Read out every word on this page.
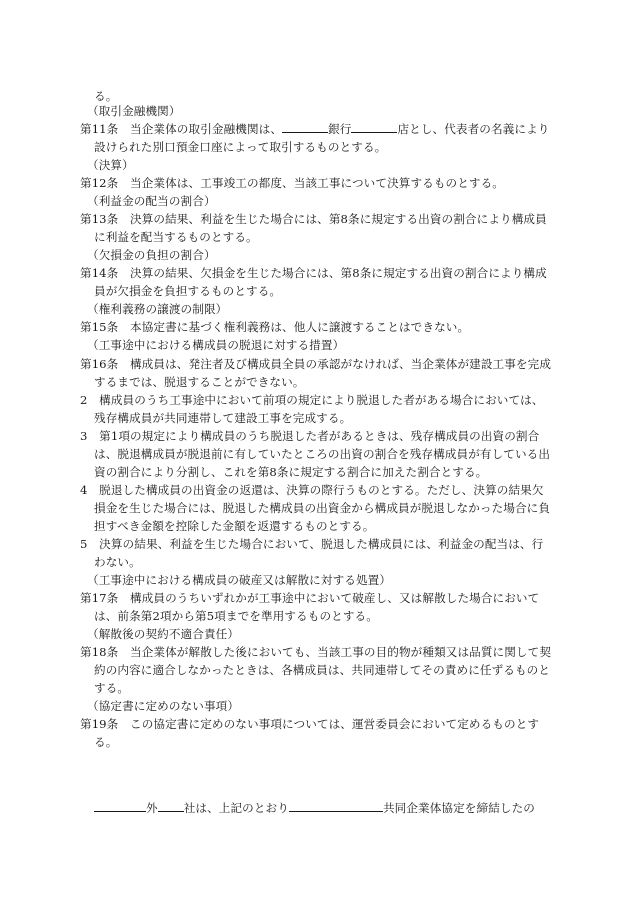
る。
（取引金融機関）
第11条　当企業体の取引金融機関は、	銀行	店とし、代表者の名義により
設けられた別口預金口座によって取引するものとする。
（決算）
第12条　当企業体は、工事竣工の都度、当該工事について決算するものとする。
（利益金の配当の割合）
第13条　決算の結果、利益を生じた場合には、第8条に規定する出資の割合により構成員
に利益を配当するものとする。
（欠損金の負担の割合）
第14条　決算の結果、欠損金を生じた場合には、第8条に規定する出資の割合により構成
員が欠損金を負担するものとする。
（権利義務の譲渡の制限）
第15条　本協定書に基づく権利義務は、他人に譲渡することはできない。
（工事途中における構成員の脱退に対する措置）
第16条　構成員は、発注者及び構成員全員の承認がなければ、当企業体が建設工事を完成
するまでは、脱退することができない。
2　構成員のうち工事途中において前項の規定により脱退した者がある場合においては、
残存構成員が共同連帯して建設工事を完成する。
3　第1項の規定により構成員のうち脱退した者があるときは、残存構成員の出資の割合
は、脱退構成員が脱退前に有していたところの出資の割合を残存構成員が有している出
資の割合により分割し、これを第8条に規定する割合に加えた割合とする。
4　脱退した構成員の出資金の返還は、決算の際行うものとする。ただし、決算の結果欠
損金を生じた場合には、脱退した構成員の出資金から構成員が脱退しなかった場合に負
担すべき金額を控除した金額を返還するものとする。
5　決算の結果、利益を生じた場合において、脱退した構成員には、利益金の配当は、行
わない。
（工事途中における構成員の破産又は解散に対する処置）
第17条　構成員のうちいずれかが工事途中において破産し、又は解散した場合において
は、前条第2項から第5項までを準用するものとする。
（解散後の契約不適合責任）
第18条　当企業体が解散した後においても、当該工事の目的物が種類又は品質に関して契
約の内容に適合しなかったときは、各構成員は、共同連帯してその責めに任ずるものと
する。
（協定書に定めのない事項）
第19条　この協定書に定めのない事項については、運営委員会において定めるものとす
る。
外 社は、上記のとおり	共同企業体協定を締結したの
